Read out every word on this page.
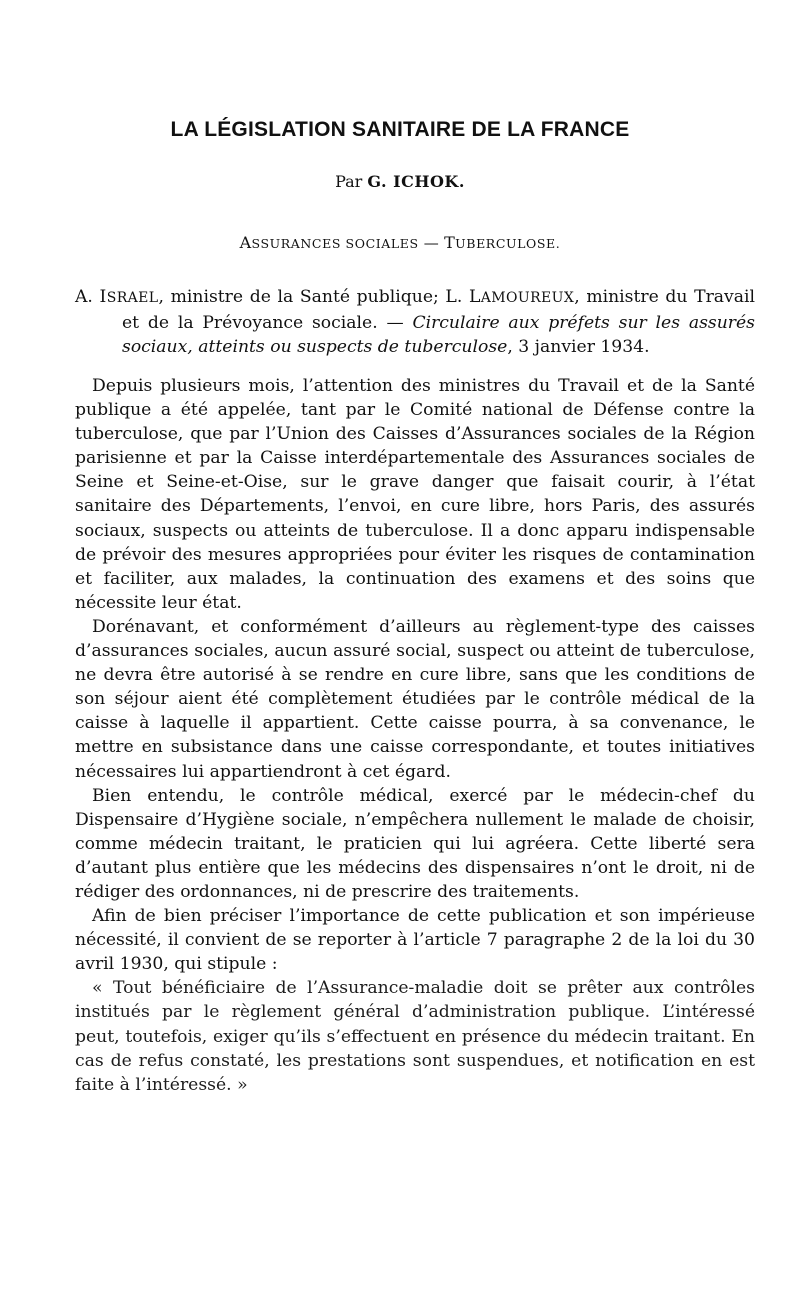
LA LÉGISLATION SANITAIRE DE LA FRANCE

Par G. ICHOK.

ASSURANCES SOCIALES — TUBERCULOSE.

A. ISRAEL, ministre de la Santé publique; L. LAMOUREUX, ministre du Travail et de la Prévoyance sociale. — Circulaire aux préfets sur les assurés sociaux, atteints ou suspects de tuberculose, 3 janvier 1934.

Depuis plusieurs mois, l’attention des ministres du Travail et de la Santé publique a été appelée, tant par le Comité national de Défense contre la tuberculose, que par l’Union des Caisses d’Assurances sociales de la Région parisienne et par la Caisse interdépartementale des Assurances sociales de Seine et Seine-et-Oise, sur le grave danger que faisait courir, à l’état sanitaire des Départements, l’envoi, en cure libre, hors Paris, des assurés sociaux, suspects ou atteints de tuberculose. Il a donc apparu indispensable de prévoir des mesures appropriées pour éviter les risques de contamination et faciliter, aux malades, la continuation des examens et des soins que nécessite leur état.

Dorénavant, et conformément d’ailleurs au règlement-type des caisses d’assurances sociales, aucun assuré social, suspect ou atteint de tuberculose, ne devra être autorisé à se rendre en cure libre, sans que les conditions de son séjour aient été complètement étudiées par le contrôle médical de la caisse à laquelle il appartient. Cette caisse pourra, à sa convenance, le mettre en subsistance dans une caisse correspondante, et toutes initiatives nécessaires lui appartiendront à cet égard.

Bien entendu, le contrôle médical, exercé par le médecin-chef du Dispensaire d’Hygiène sociale, n’empêchera nullement le malade de choisir, comme médecin traitant, le praticien qui lui agréera. Cette liberté sera d’autant plus entière que les médecins des dispensaires n’ont le droit, ni de rédiger des ordonnances, ni de prescrire des traitements.

Afin de bien préciser l’importance de cette publication et son impérieuse nécessité, il convient de se reporter à l’article 7 paragraphe 2 de la loi du 30 avril 1930, qui stipule :

« Tout bénéficiaire de l’Assurance-maladie doit se prêter aux contrôles institués par le règlement général d’administration publique. L’intéressé peut, toutefois, exiger qu’ils s’effectuent en présence du médecin traitant. En cas de refus constaté, les prestations sont suspendues, et notification en est faite à l’intéressé. »
